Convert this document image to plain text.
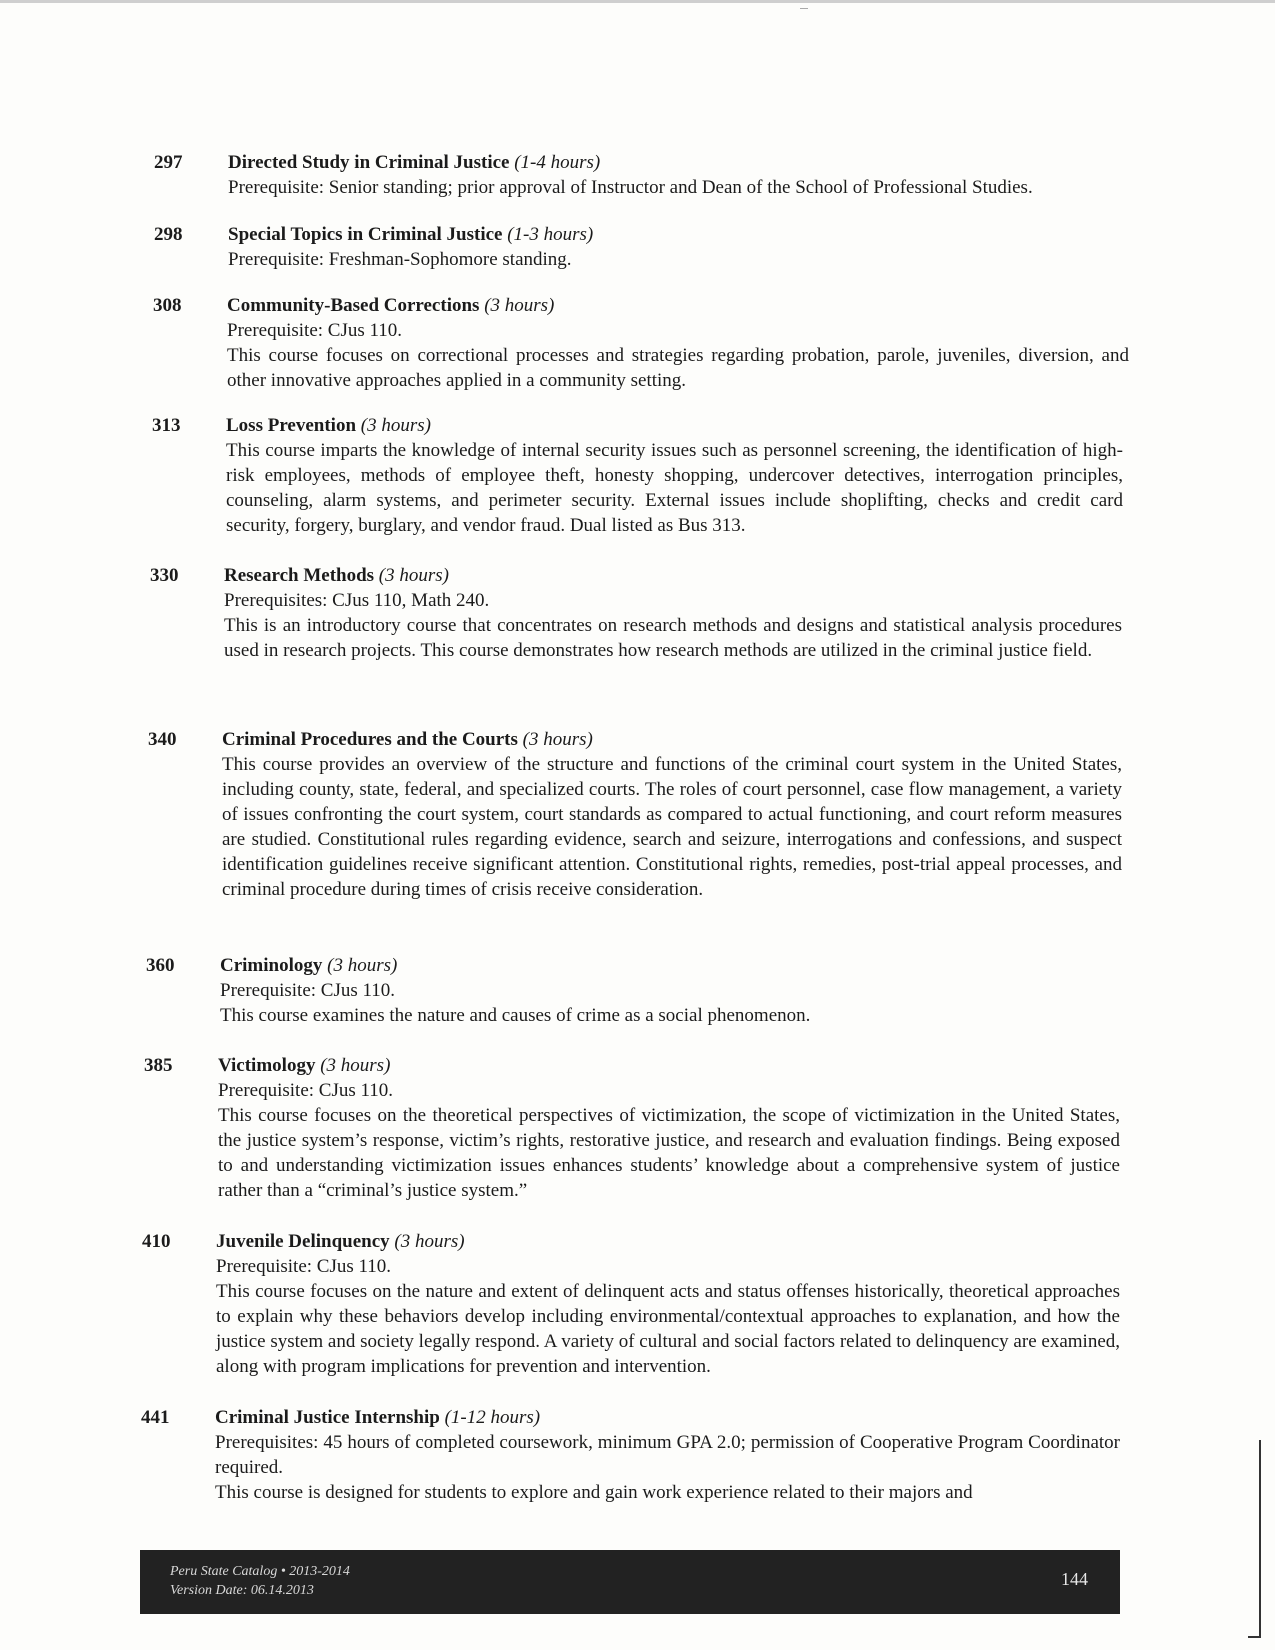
297	Directed Study in Criminal Justice (1-4 hours)

Prerequisite: Senior standing; prior approval of Instructor and Dean of the School of Professional Studies.

298	Special Topics in Criminal Justice (1-3 hours)

Prerequisite: Freshman-Sophomore standing.

308	Community-Based Corrections (3 hours)

Prerequisite: CJus 110.

This course focuses on correctional processes and strategies regarding probation, parole, juveniles, diversion, and other innovative approaches applied in a community setting.

313	Loss Prevention (3 hours)

This course imparts the knowledge of internal security issues such as personnel screening, the identification of high-risk employees, methods of employee theft, honesty shopping, undercover detectives, interrogation principles, counseling, alarm systems, and perimeter security. External issues include shoplifting, checks and credit card security, forgery, burglary, and vendor fraud. Dual listed as Bus 313.

330	Research Methods (3 hours)

Prerequisites: CJus 110, Math 240.

This is an introductory course that concentrates on research methods and designs and statistical analysis procedures used in research projects. This course demonstrates how research methods are utilized in the criminal justice field.

340	Criminal Procedures and the Courts (3 hours)

This course provides an overview of the structure and functions of the criminal court system in the United States, including county, state, federal, and specialized courts. The roles of court personnel, case flow management, a variety of issues confronting the court system, court standards as compared to actual functioning, and court reform measures are studied. Constitutional rules regarding evidence, search and seizure, interrogations and confessions, and suspect identification guidelines receive significant attention. Constitutional rights, remedies, post-trial appeal processes, and criminal procedure during times of crisis receive consideration.

360	Criminology (3 hours)

Prerequisite: CJus 110.

This course examines the nature and causes of crime as a social phenomenon.

385	Victimology (3 hours)

Prerequisite: CJus 110.

This course focuses on the theoretical perspectives of victimization, the scope of victimization in the United States, the justice system’s response, victim’s rights, restorative justice, and research and evaluation findings. Being exposed to and understanding victimization issues enhances students’ knowledge about a comprehensive system of justice rather than a “criminal’s justice system.”

410	Juvenile Delinquency (3 hours)

Prerequisite: CJus 110.

This course focuses on the nature and extent of delinquent acts and status offenses historically, theoretical approaches to explain why these behaviors develop including environmental/contextual approaches to explanation, and how the justice system and society legally respond. A variety of cultural and social factors related to delinquency are examined, along with program implications for prevention and intervention.

441	Criminal Justice Internship (1-12 hours)

Prerequisites: 45 hours of completed coursework, minimum GPA 2.0; permission of Cooperative Program Coordinator required.

This course is designed for students to explore and gain work experience related to their majors and

Peru State Catalog • 2013-2014
Version Date: 06.14.2013
144
